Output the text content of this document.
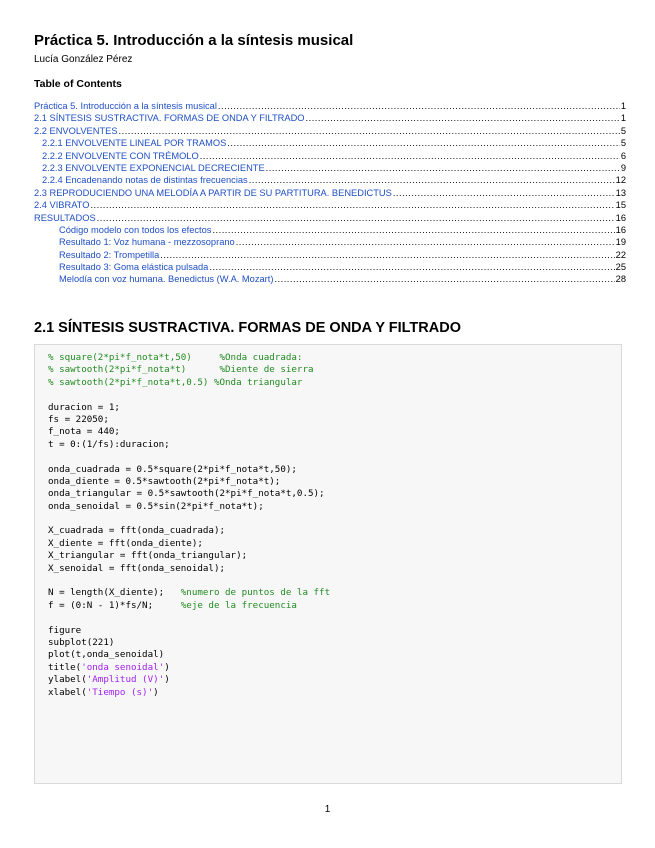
Práctica 5. Introducción a la síntesis musical
Lucía González Pérez
Table of Contents
Práctica 5. Introducción a la síntesis musical .....	1
2.1 SÍNTESIS SUSTRACTIVA. FORMAS DE ONDA Y FILTRADO .....	1
2.2 ENVOLVENTES .....	5
2.2.1 ENVOLVENTE LINEAL POR TRAMOS .....	5
2.2.2 ENVOLVENTE CON TRÉMOLO .....	6
2.2.3 ENVOLVENTE EXPONENCIAL DECRECIENTE .....	9
2.2.4 Encadenando notas de distintas frecuencias .....	12
2.3 REPRODUCIENDO UNA MELODÍA A PARTIR DE SU PARTITURA. BENEDICTUS .....	13
2.4 VIBRATO .....	15
RESULTADOS .....	16
Código modelo con todos los efectos .....	16
Resultado 1: Voz humana - mezzosoprano .....	19
Resultado 2: Trompetilla .....	22
Resultado 3: Goma elástica pulsada .....	25
Melodía con voz humana. Benedictus (W.A. Mozart) .....	28
2.1 SÍNTESIS SUSTRACTIVA. FORMAS DE ONDA Y FILTRADO
% square(2*pi*f_nota*t,50)     %Onda cuadrada:
% sawtooth(2*pi*f_nota*t)      %Diente de sierra
% sawtooth(2*pi*f_nota*t,0.5) %Onda triangular

duracion = 1;
fs = 22050;
f_nota = 440;
t = 0:(1/fs):duracion;

onda_cuadrada = 0.5*square(2*pi*f_nota*t,50);
onda_diente = 0.5*sawtooth(2*pi*f_nota*t);
onda_triangular = 0.5*sawtooth(2*pi*f_nota*t,0.5);
onda_senoidal = 0.5*sin(2*pi*f_nota*t);

X_cuadrada = fft(onda_cuadrada);
X_diente = fft(onda_diente);
X_triangular = fft(onda_triangular);
X_senoidal = fft(onda_senoidal);

N = length(X_diente);   %numero de puntos de la fft
f = (0:N - 1)*fs/N;     %eje de la frecuencia

figure
subplot(221)
plot(t,onda_senoidal)
title('onda senoidal')
ylabel('Amplitud (V)')
xlabel('Tiempo (s)')
1
